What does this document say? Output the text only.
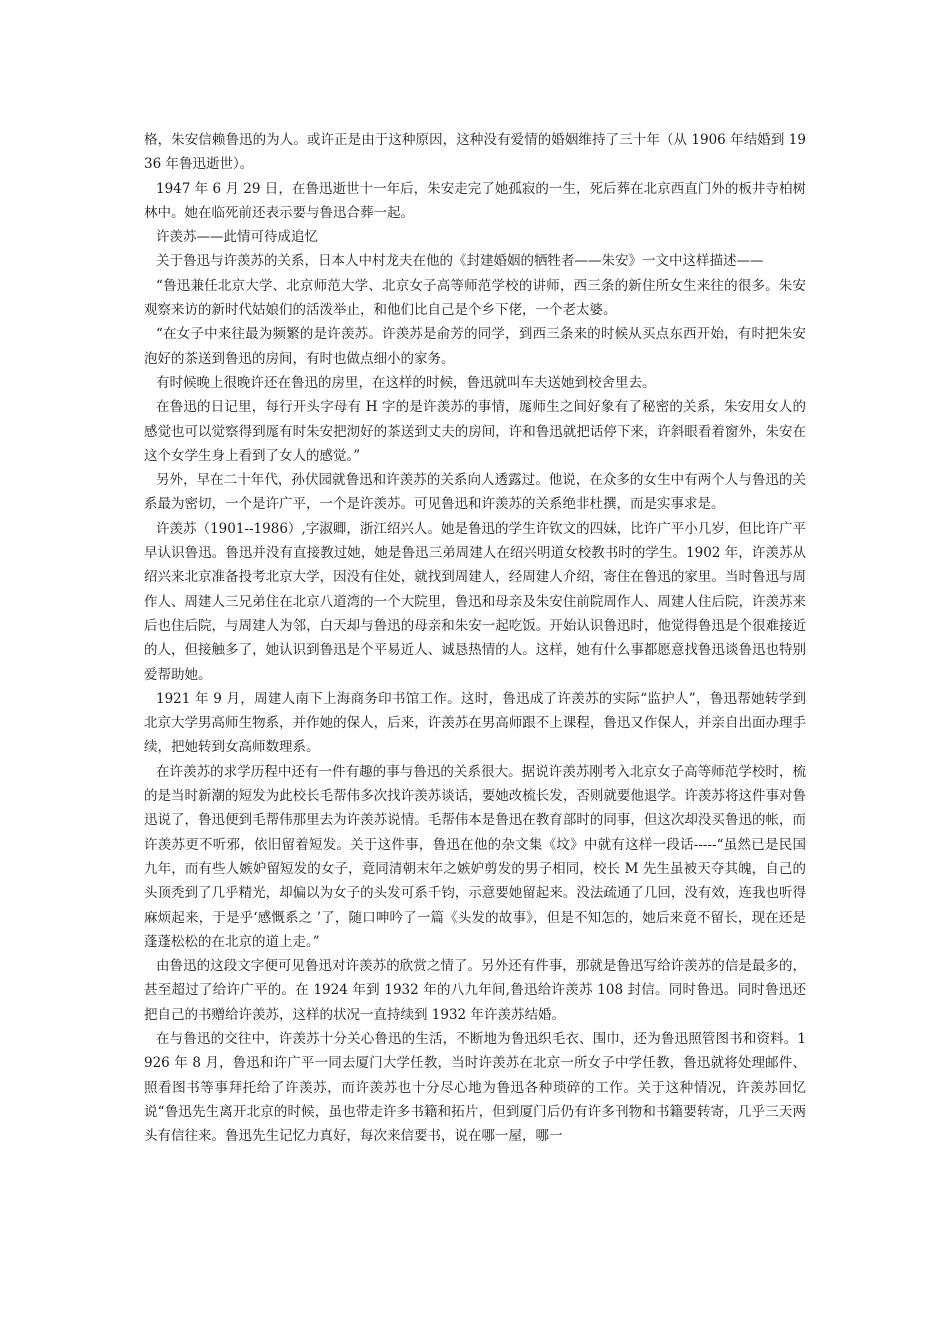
格，朱安信赖鲁迅的为人。或许正是由于这种原因，这种没有爱情的婚姻维持了三十年（从 1906 年结婚到 1936 年鲁迅逝世）。

1947 年 6 月 29 日，在鲁迅逝世十一年后，朱安走完了她孤寂的一生，死后葬在北京西直门外的板井寺柏树林中。她在临死前还表示要与鲁迅合葬一起。

许羡苏——此情可待成追忆

关于鲁迅与许羡苏的关系，日本人中村龙夫在他的《封建婚姻的牺牲者——朱安》一文中这样描述——

“鲁迅兼任北京大学、北京师范大学、北京女子高等师范学校的讲师，西三条的新住所女生来往的很多。朱安观察来访的新时代姑娘们的活泼举止，和他们比自己是个乡下佬，一个老太婆。

“在女子中来往最为频繁的是许羡苏。许羡苏是俞芳的同学，到西三条来的时候从买点东西开始，有时把朱安泡好的茶送到鲁迅的房间，有时也做点细小的家务。

有时候晚上很晚许还在鲁迅的房里，在这样的时候，鲁迅就叫车夫送她到校舍里去。

在鲁迅的日记里，每行开头字母有 H 字的是许羡苏的事情，厖师生之间好象有了秘密的关系，朱安用女人的感觉也可以觉察得到厖有时朱安把沏好的茶送到丈夫的房间，许和鲁迅就把话停下来，许斜眼看着窗外，朱安在这个女学生身上看到了女人的感觉。”

另外，早在二十年代，孙伏园就鲁迅和许羡苏的关系向人透露过。他说，在众多的女生中有两个人与鲁迅的关系最为密切，一个是许广平，一个是许羡苏。可见鲁迅和许羡苏的关系绝非杜撰，而是实事求是。

许羡苏（1901--1986）,字淑卿，浙江绍兴人。她是鲁迅的学生许钦文的四妹，比许广平小几岁，但比许广平早认识鲁迅。鲁迅并没有直接教过她，她是鲁迅三弟周建人在绍兴明道女校教书时的学生。1902 年，许羡苏从绍兴来北京准备投考北京大学，因没有住处，就找到周建人，经周建人介绍，寄住在鲁迅的家里。当时鲁迅与周作人、周建人三兄弟住在北京八道湾的一个大院里，鲁迅和母亲及朱安住前院周作人、周建人住后院，许羡苏来后也住后院，与周建人为邻，白天却与鲁迅的母亲和朱安一起吃饭。开始认识鲁迅时，他觉得鲁迅是个很难接近的人，但接触多了，她认识到鲁迅是个平易近人、诚恳热情的人。这样，她有什么事都愿意找鲁迅谈鲁迅也特别爱帮助她。

1921 年 9 月，周建人南下上海商务印书馆工作。这时，鲁迅成了许羡苏的实际“监护人”，鲁迅帮她转学到北京大学男高师生物系，并作她的保人，后来，许羡苏在男高师跟不上课程，鲁迅又作保人，并亲自出面办理手续，把她转到女高师数理系。

在许羡苏的求学历程中还有一件有趣的事与鲁迅的关系很大。据说许羡苏刚考入北京女子高等师范学校时，梳的是当时新潮的短发为此校长毛帮伟多次找许羡苏谈话，要她改梳长发，否则就要他退学。许羡苏将这件事对鲁迅说了，鲁迅便到毛帮伟那里去为许羡苏说情。毛帮伟本是鲁迅在教育部时的同事，但这次却没买鲁迅的帐，而许羡苏更不听邪，依旧留着短发。关于这件事，鲁迅在他的杂文集《坟》中就有这样一段话-----“虽然已是民国九年，而有些人嫉妒留短发的女子，竟同清朝末年之嫉妒剪发的男子相同，校长 M 先生虽被天夺其魄，自己的头顶秃到了几乎精光，却偏以为女子的头发可系千钧，示意要她留起来。没法疏通了几回，没有效，连我也听得麻烦起来，于是乎‘感慨系之 ’了，随口呻吟了一篇《头发的故事》，但是不知怎的，她后来竟不留长，现在还是蓬蓬松松的在北京的道上走。”

由鲁迅的这段文字便可见鲁迅对许羡苏的欣赏之情了。另外还有件事，那就是鲁迅写给许羡苏的信是最多的，甚至超过了给许广平的。在 1924 年到 1932 年的八九年间,鲁迅给许羡苏 108 封信。同时鲁迅。同时鲁迅还把自己的书赠给许羡苏，这样的状况一直持续到 1932 年许羡苏结婚。

在与鲁迅的交往中，许羡苏十分关心鲁迅的生活，不断地为鲁迅织毛衣、围巾，还为鲁迅照管图书和资料。1926 年 8 月，鲁迅和许广平一同去厦门大学任教，当时许羡苏在北京一所女子中学任教，鲁迅就将处理邮件、照看图书等事拜托给了许羡苏，而许羡苏也十分尽心地为鲁迅各种琐碎的工作。关于这种情况，许羡苏回忆说“鲁迅先生离开北京的时候，虽也带走许多书籍和拓片，但到厦门后仍有许多刊物和书籍要转寄，几乎三天两头有信往来。鲁迅先生记忆力真好，每次来信要书，说在哪一屋，哪一
